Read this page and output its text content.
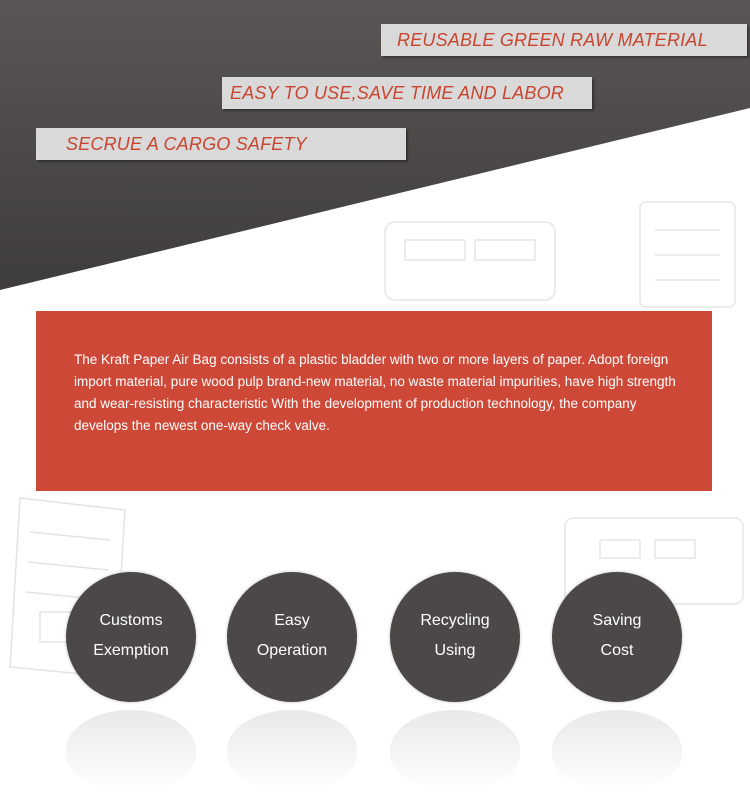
REUSABLE GREEN RAW MATERIAL
EASY TO USE,SAVE TIME AND LABOR
SECRUE A CARGO SAFETY

The Kraft Paper Air Bag consists of a plastic bladder with two or more layers of paper. Adopt foreign import material, pure wood pulp brand-new material, no waste material impurities, have high strength and wear-resisting characteristic With the development of production technology, the company develops the newest one-way check valve.

Customs
Exemption
Easy
Operation
Recycling
Using
Saving
Cost
